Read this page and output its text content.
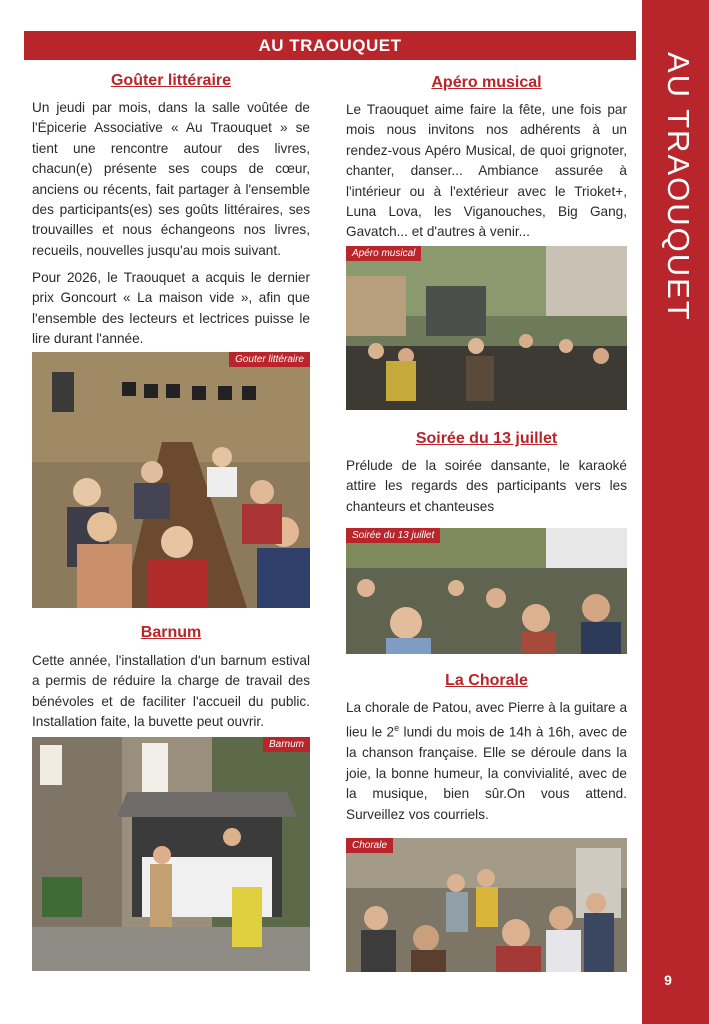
AU TRAOUQUET
9
AU TRAOUQUET
Goûter littéraire
Un jeudi par mois, dans la salle voûtée de l'Épicerie Associative « Au Traouquet » se tient une rencontre autour des livres, chacun(e) présente ses coups de cœur, anciens ou récents, fait partager à l'ensemble des participants(es) ses goûts littéraires, ses trouvailles et nous échangeons nos livres, recueils, nouvelles jusqu'au mois suivant.
Pour 2026, le Traouquet a acquis le dernier prix Goncourt « La maison vide », afin que l'ensemble des lecteurs et lectrices puisse le lire durant l'année.
Gouter littéraire
Barnum
Cette année, l'installation d'un barnum estival a permis de réduire la charge de travail des bénévoles et de faciliter l'accueil du public. Installation faite, la buvette peut ouvrir.
Barnum
Apéro musical
Le Traouquet aime faire la fête, une fois par mois nous invitons nos adhérents à un rendez-vous Apéro Musical, de quoi grignoter, chanter, danser... Ambiance assurée à l'intérieur ou à l'extérieur avec le Trioket+, Luna Lova, les Viganouches, Big Gang, Gavatch... et d'autres à venir...
Apéro musical
Soirée du 13 juillet
Prélude de la soirée dansante, le karaoké attire les regards des participants vers les chanteurs et chanteuses
Soirée du 13 juillet
La Chorale
La chorale de Patou, avec Pierre à la guitare a lieu le 2e lundi du mois de 14h à 16h, avec de la chanson française. Elle se déroule dans la joie, la bonne humeur, la convivialité, avec de la musique, bien sûr.On vous attend. Surveillez vos courriels.
Chorale
